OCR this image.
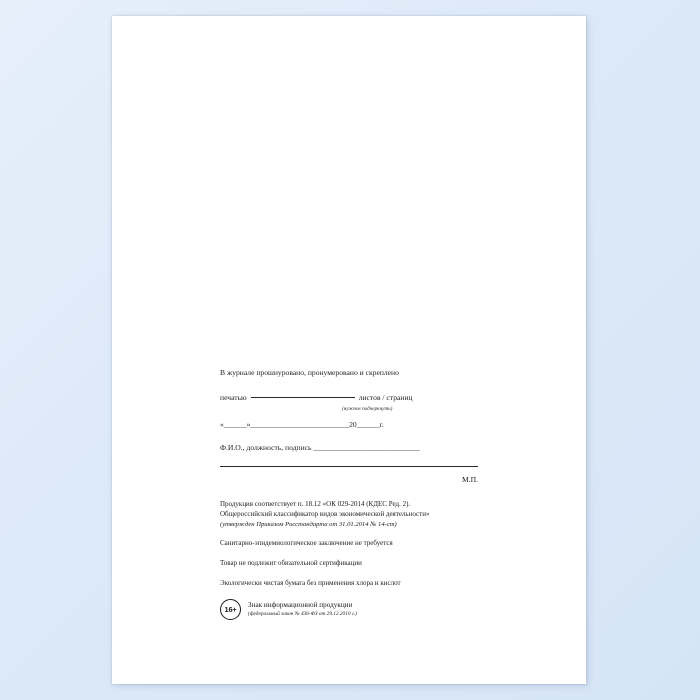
В журнале прошнуровано, пронумеровано и скреплено
печатью	листов / страниц
(нужное подчеркнуть)
«______»__________________________20______г.
Ф.И.О., должность, подпись ____________________________
М.П.
Продукция соответствует п. 18.12 «ОК 029-2014 (КДЕС Ред. 2).
Общероссийский классификатор видов экономической деятельности»
(утвержден Приказом Росстандарта от 31.01.2014 № 14-ст)
Санитарно-эпидемиологическое заключение не требуется
Товар не подлежит обязательной сертификации
Экологически чистая бумага без применения хлора и кислот
16+	Знак информационной продукции
(федеральный закон № 436-ФЗ от 29.12.2010 г.)
